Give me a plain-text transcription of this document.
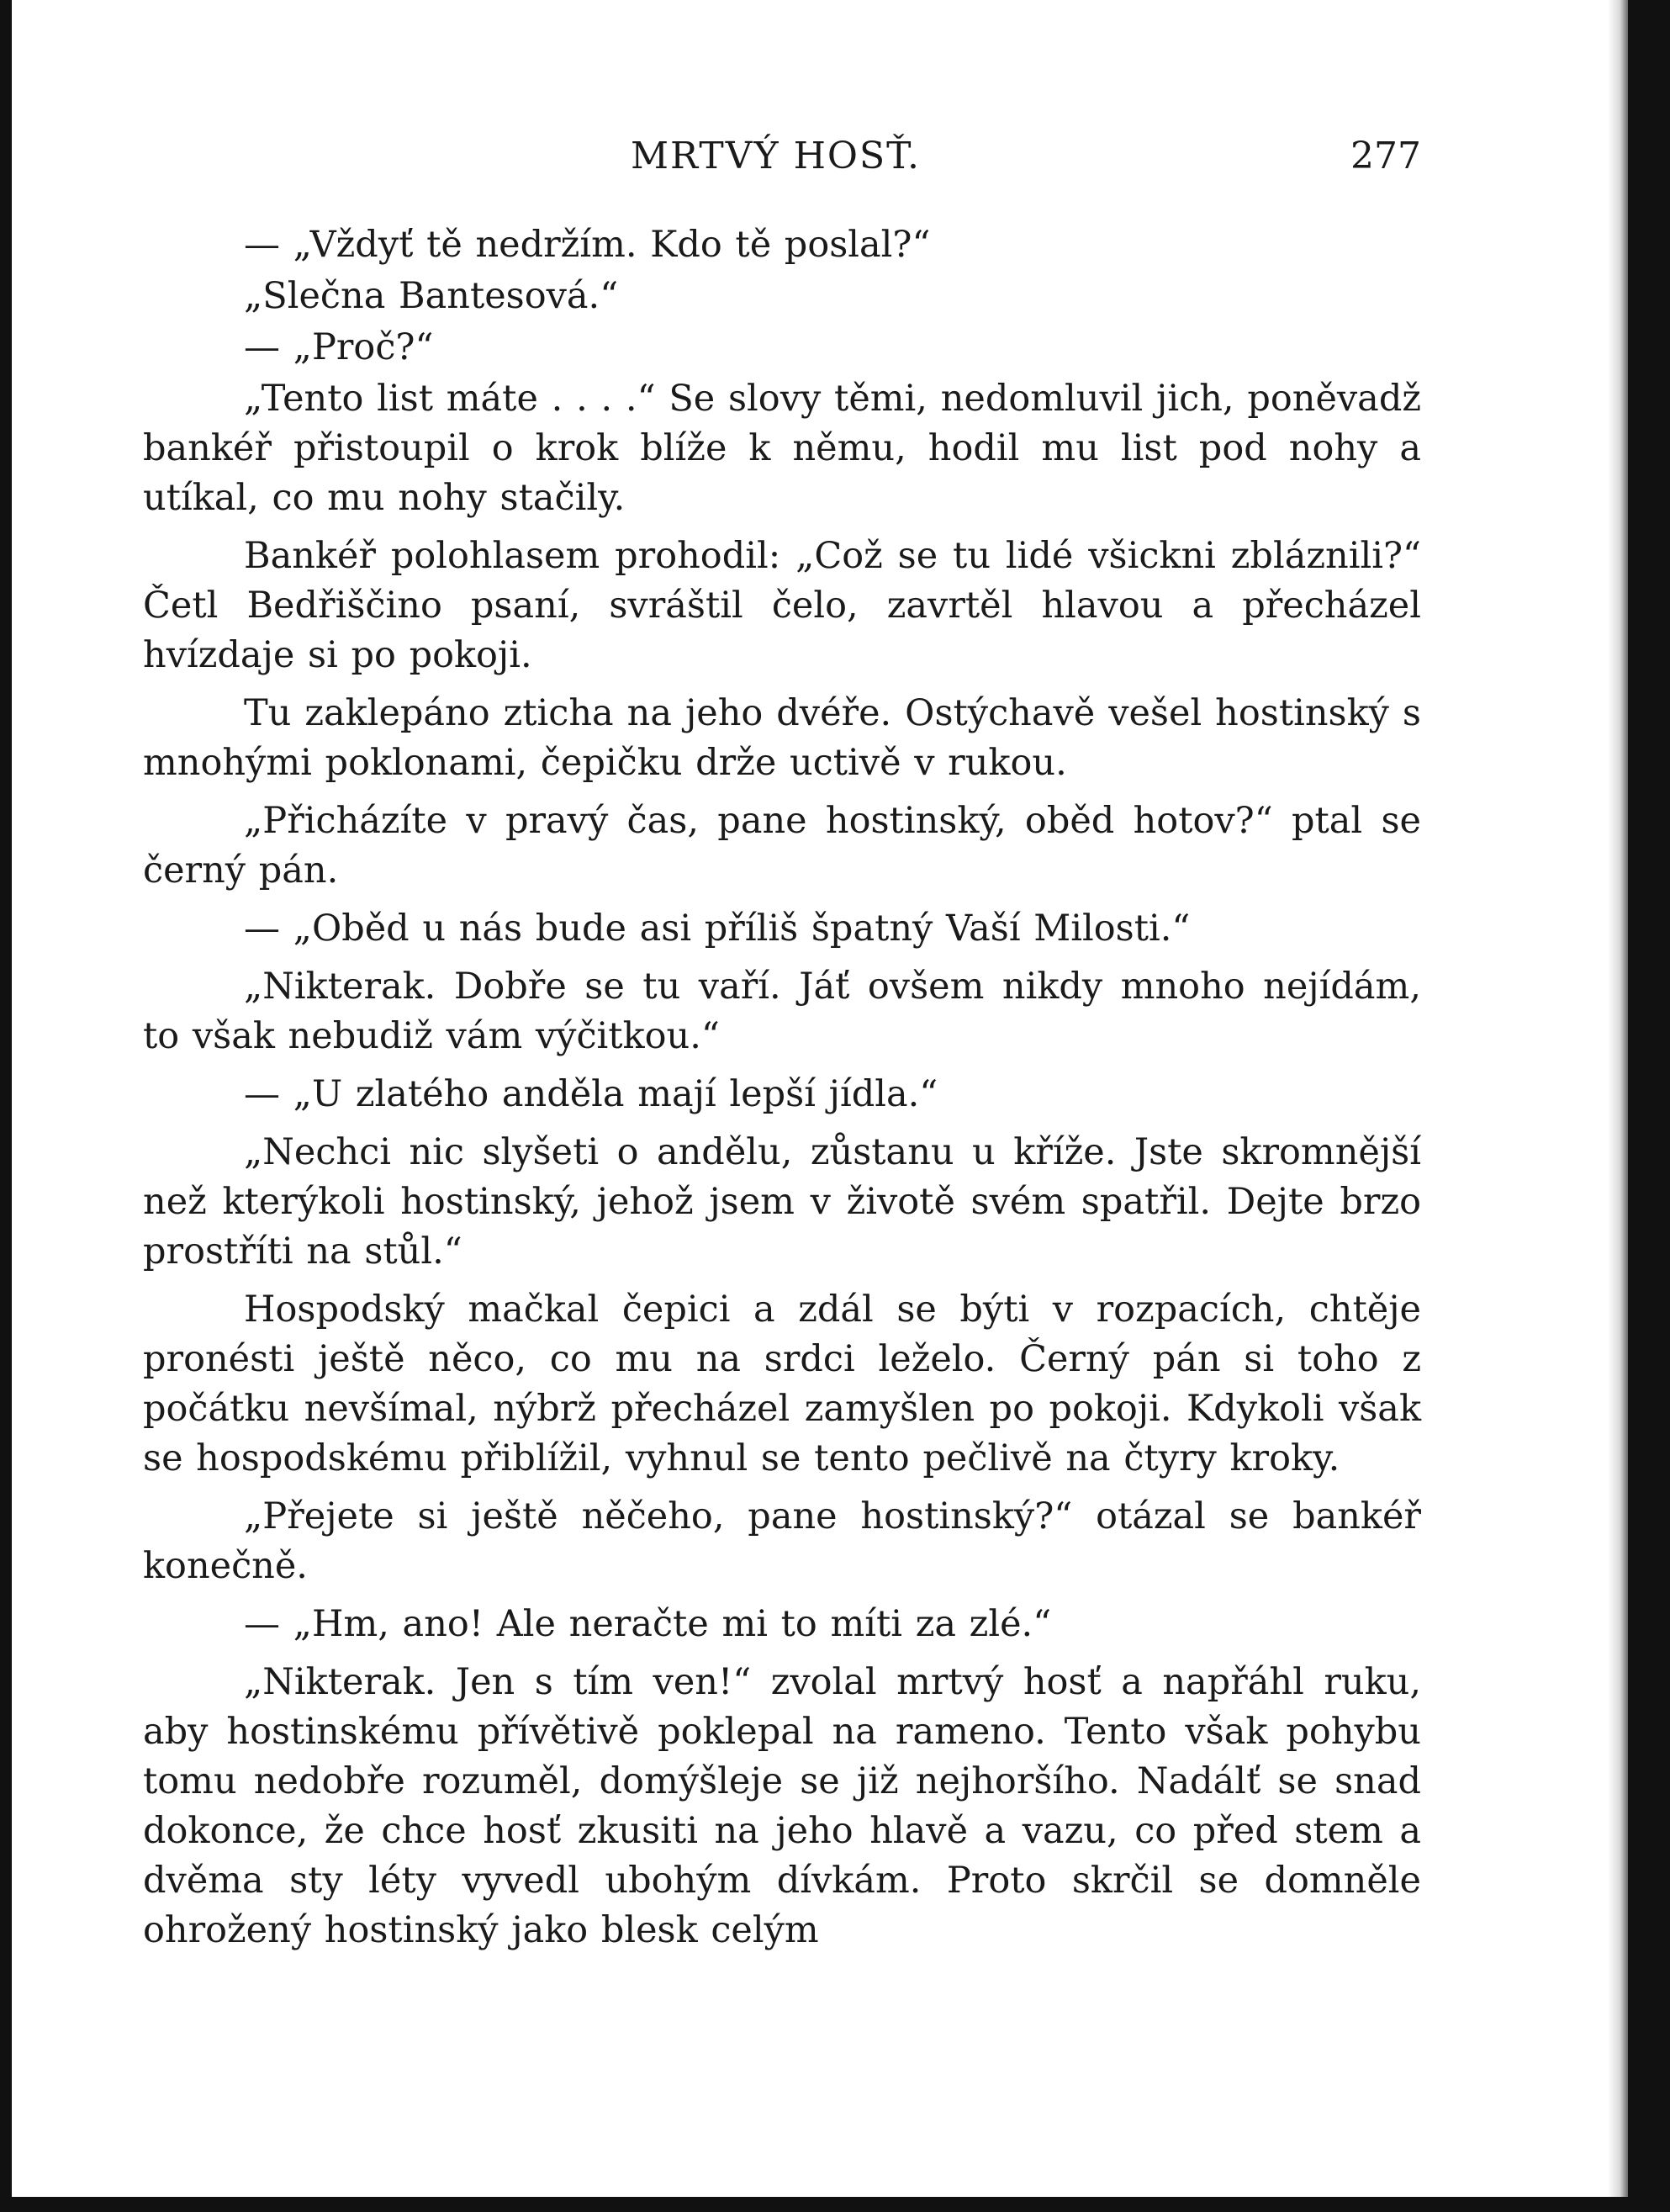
MRTVÝ HOSŤ.	277

— „Vždyť tě nedržím. Kdo tě poslal?“

„Slečna Bantesová.“

— „Proč?“

„Tento list máte . . . .“ Se slovy těmi, nedomluvil jich, poněvadž bankéř přistoupil o krok blíže k němu, hodil mu list pod nohy a utíkal, co mu nohy stačily.

Bankéř polohlasem prohodil: „Což se tu lidé všickni zbláznili?“ Četl Bedřiščino psaní, svráštil čelo, zavrtěl hlavou a přecházel hvízdaje si po pokoji.

Tu zaklepáno zticha na jeho dvéře. Ostýchavě vešel hostinský s mnohými poklonami, čepičku drže uctivě v rukou.

„Přicházíte v pravý čas, pane hostinský, oběd hotov?“ ptal se černý pán.

— „Oběd u nás bude asi příliš špatný Vaší Milosti.“

„Nikterak. Dobře se tu vaří. Jáť ovšem nikdy mnoho nejídám, to však nebudiž vám výčitkou.“

— „U zlatého anděla mají lepší jídla.“

„Nechci nic slyšeti o andělu, zůstanu u kříže. Jste skromnější než kterýkoli hostinský, jehož jsem v životě svém spatřil. Dejte brzo prostříti na stůl.“

Hospodský mačkal čepici a zdál se býti v rozpacích, chtěje pronésti ještě něco, co mu na srdci leželo. Černý pán si toho z počátku nevšímal, nýbrž přecházel zamyšlen po pokoji. Kdykoli však se hospodskému přiblížil, vyhnul se tento pečlivě na čtyry kroky.

„Přejete si ještě něčeho, pane hostinský?“ otázal se bankéř konečně.

— „Hm, ano! Ale neračte mi to míti za zlé.“

„Nikterak. Jen s tím ven!“ zvolal mrtvý hosť a napřáhl ruku, aby hostinskému přívětivě poklepal na rameno. Tento však pohybu tomu nedobře rozuměl, domýšleje se již nejhoršího. Nadálť se snad dokonce, že chce hosť zkusiti na jeho hlavě a vazu, co před stem a dvěma sty léty vyvedl ubohým dívkám. Proto skrčil se domněle ohrožený hostinský jako blesk celým
